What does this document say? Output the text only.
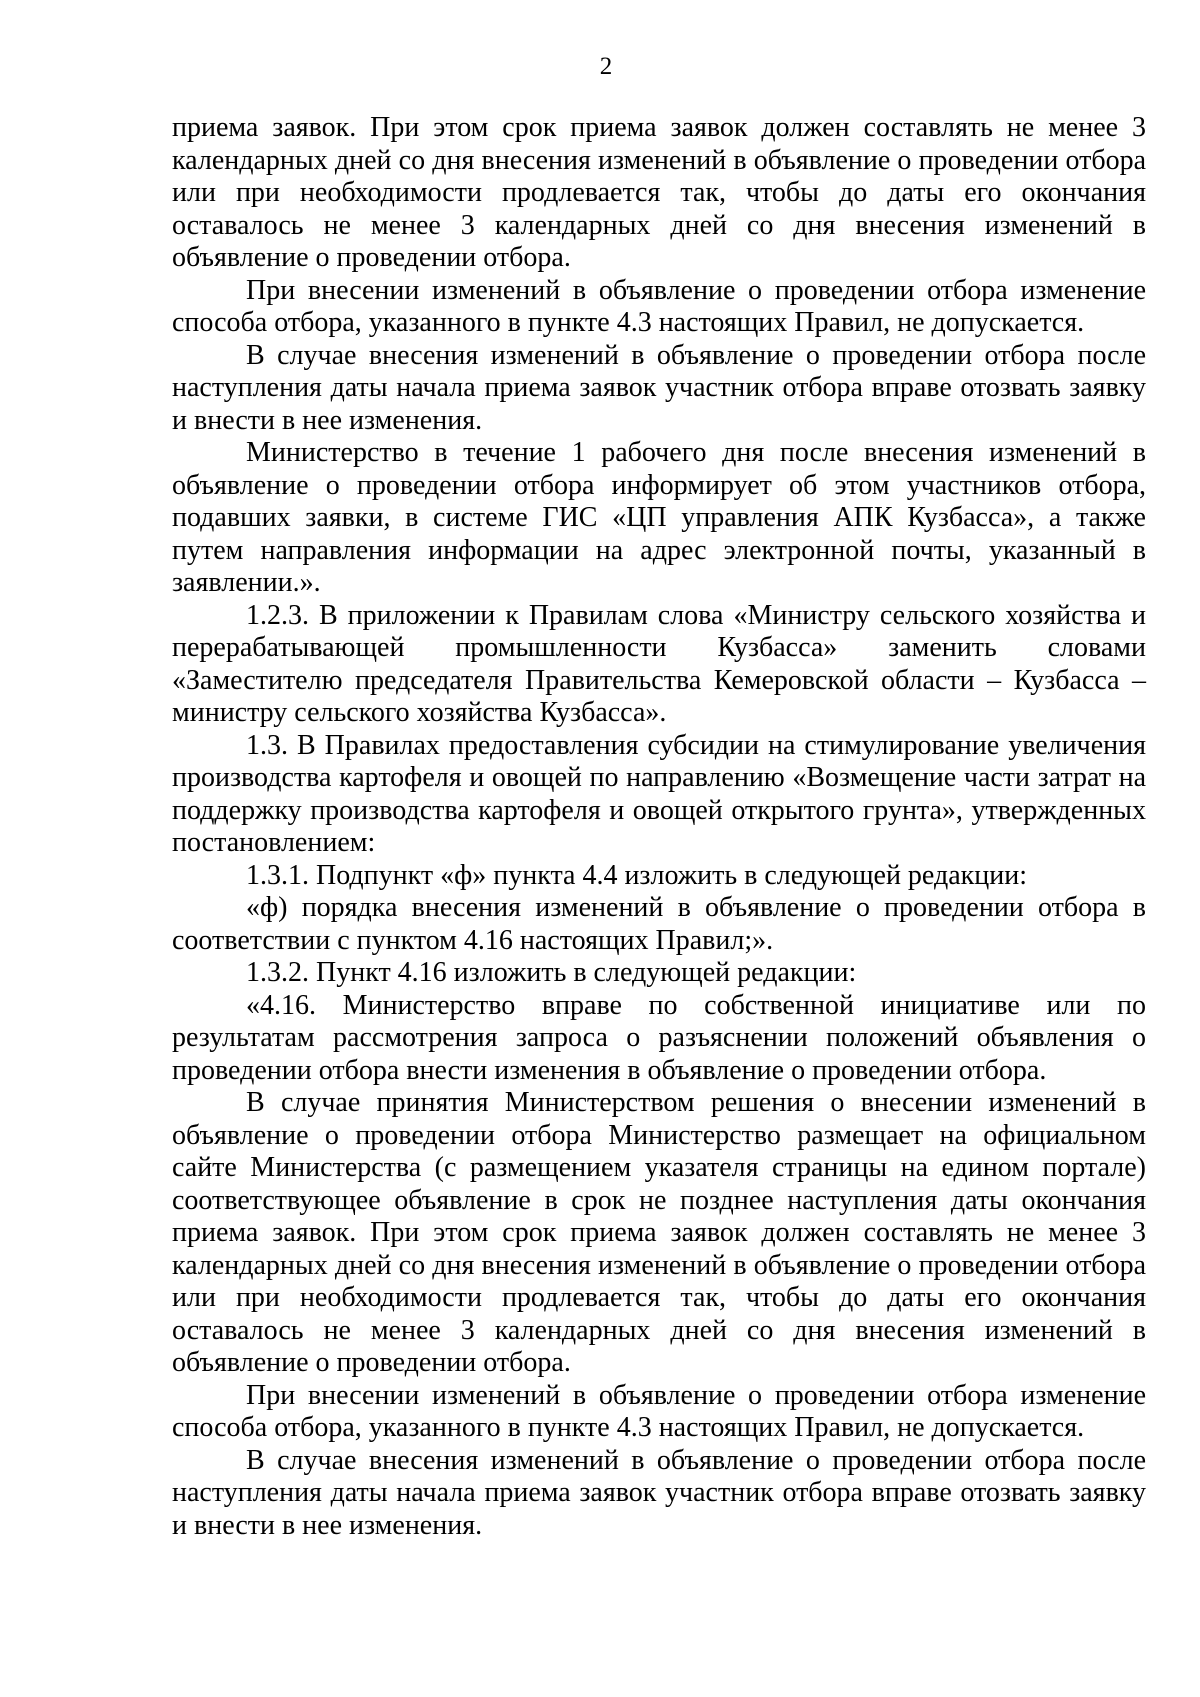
2

приема заявок. При этом срок приема заявок должен составлять не менее 3 календарных дней со дня внесения изменений в объявление о проведении отбора или при необходимости продлевается так, чтобы до даты его окончания оставалось не менее 3 календарных дней со дня внесения изменений в объявление о проведении отбора.

При внесении изменений в объявление о проведении отбора изменение способа отбора, указанного в пункте 4.3 настоящих Правил, не допускается.

В случае внесения изменений в объявление о проведении отбора после наступления даты начала приема заявок участник отбора вправе отозвать заявку и внести в нее изменения.

Министерство в течение 1 рабочего дня после внесения изменений в объявление о проведении отбора информирует об этом участников отбора, подавших заявки, в системе ГИС «ЦП управления АПК Кузбасса», а также путем направления информации на адрес электронной почты, указанный в заявлении.».

1.2.3. В приложении к Правилам слова «Министру сельского хозяйства и перерабатывающей промышленности Кузбасса» заменить словами «Заместителю председателя Правительства Кемеровской области – Кузбасса – министру сельского хозяйства Кузбасса».

1.3. В Правилах предоставления субсидии на стимулирование увеличения производства картофеля и овощей по направлению «Возмещение части затрат на поддержку производства картофеля и овощей открытого грунта», утвержденных постановлением:

1.3.1. Подпункт «ф» пункта 4.4 изложить в следующей редакции:

«ф) порядка внесения изменений в объявление о проведении отбора в соответствии с пунктом 4.16 настоящих Правил;».

1.3.2. Пункт 4.16 изложить в следующей редакции:

«4.16. Министерство вправе по собственной инициативе или по результатам рассмотрения запроса о разъяснении положений объявления о проведении отбора внести изменения в объявление о проведении отбора.

В случае принятия Министерством решения о внесении изменений в объявление о проведении отбора Министерство размещает на официальном сайте Министерства (с размещением указателя страницы на едином портале) соответствующее объявление в срок не позднее наступления даты окончания приема заявок. При этом срок приема заявок должен составлять не менее 3 календарных дней со дня внесения изменений в объявление о проведении отбора или при необходимости продлевается так, чтобы до даты его окончания оставалось не менее 3 календарных дней со дня внесения изменений в объявление о проведении отбора.

При внесении изменений в объявление о проведении отбора изменение способа отбора, указанного в пункте 4.3 настоящих Правил, не допускается.

В случае внесения изменений в объявление о проведении отбора после наступления даты начала приема заявок участник отбора вправе отозвать заявку и внести в нее изменения.
